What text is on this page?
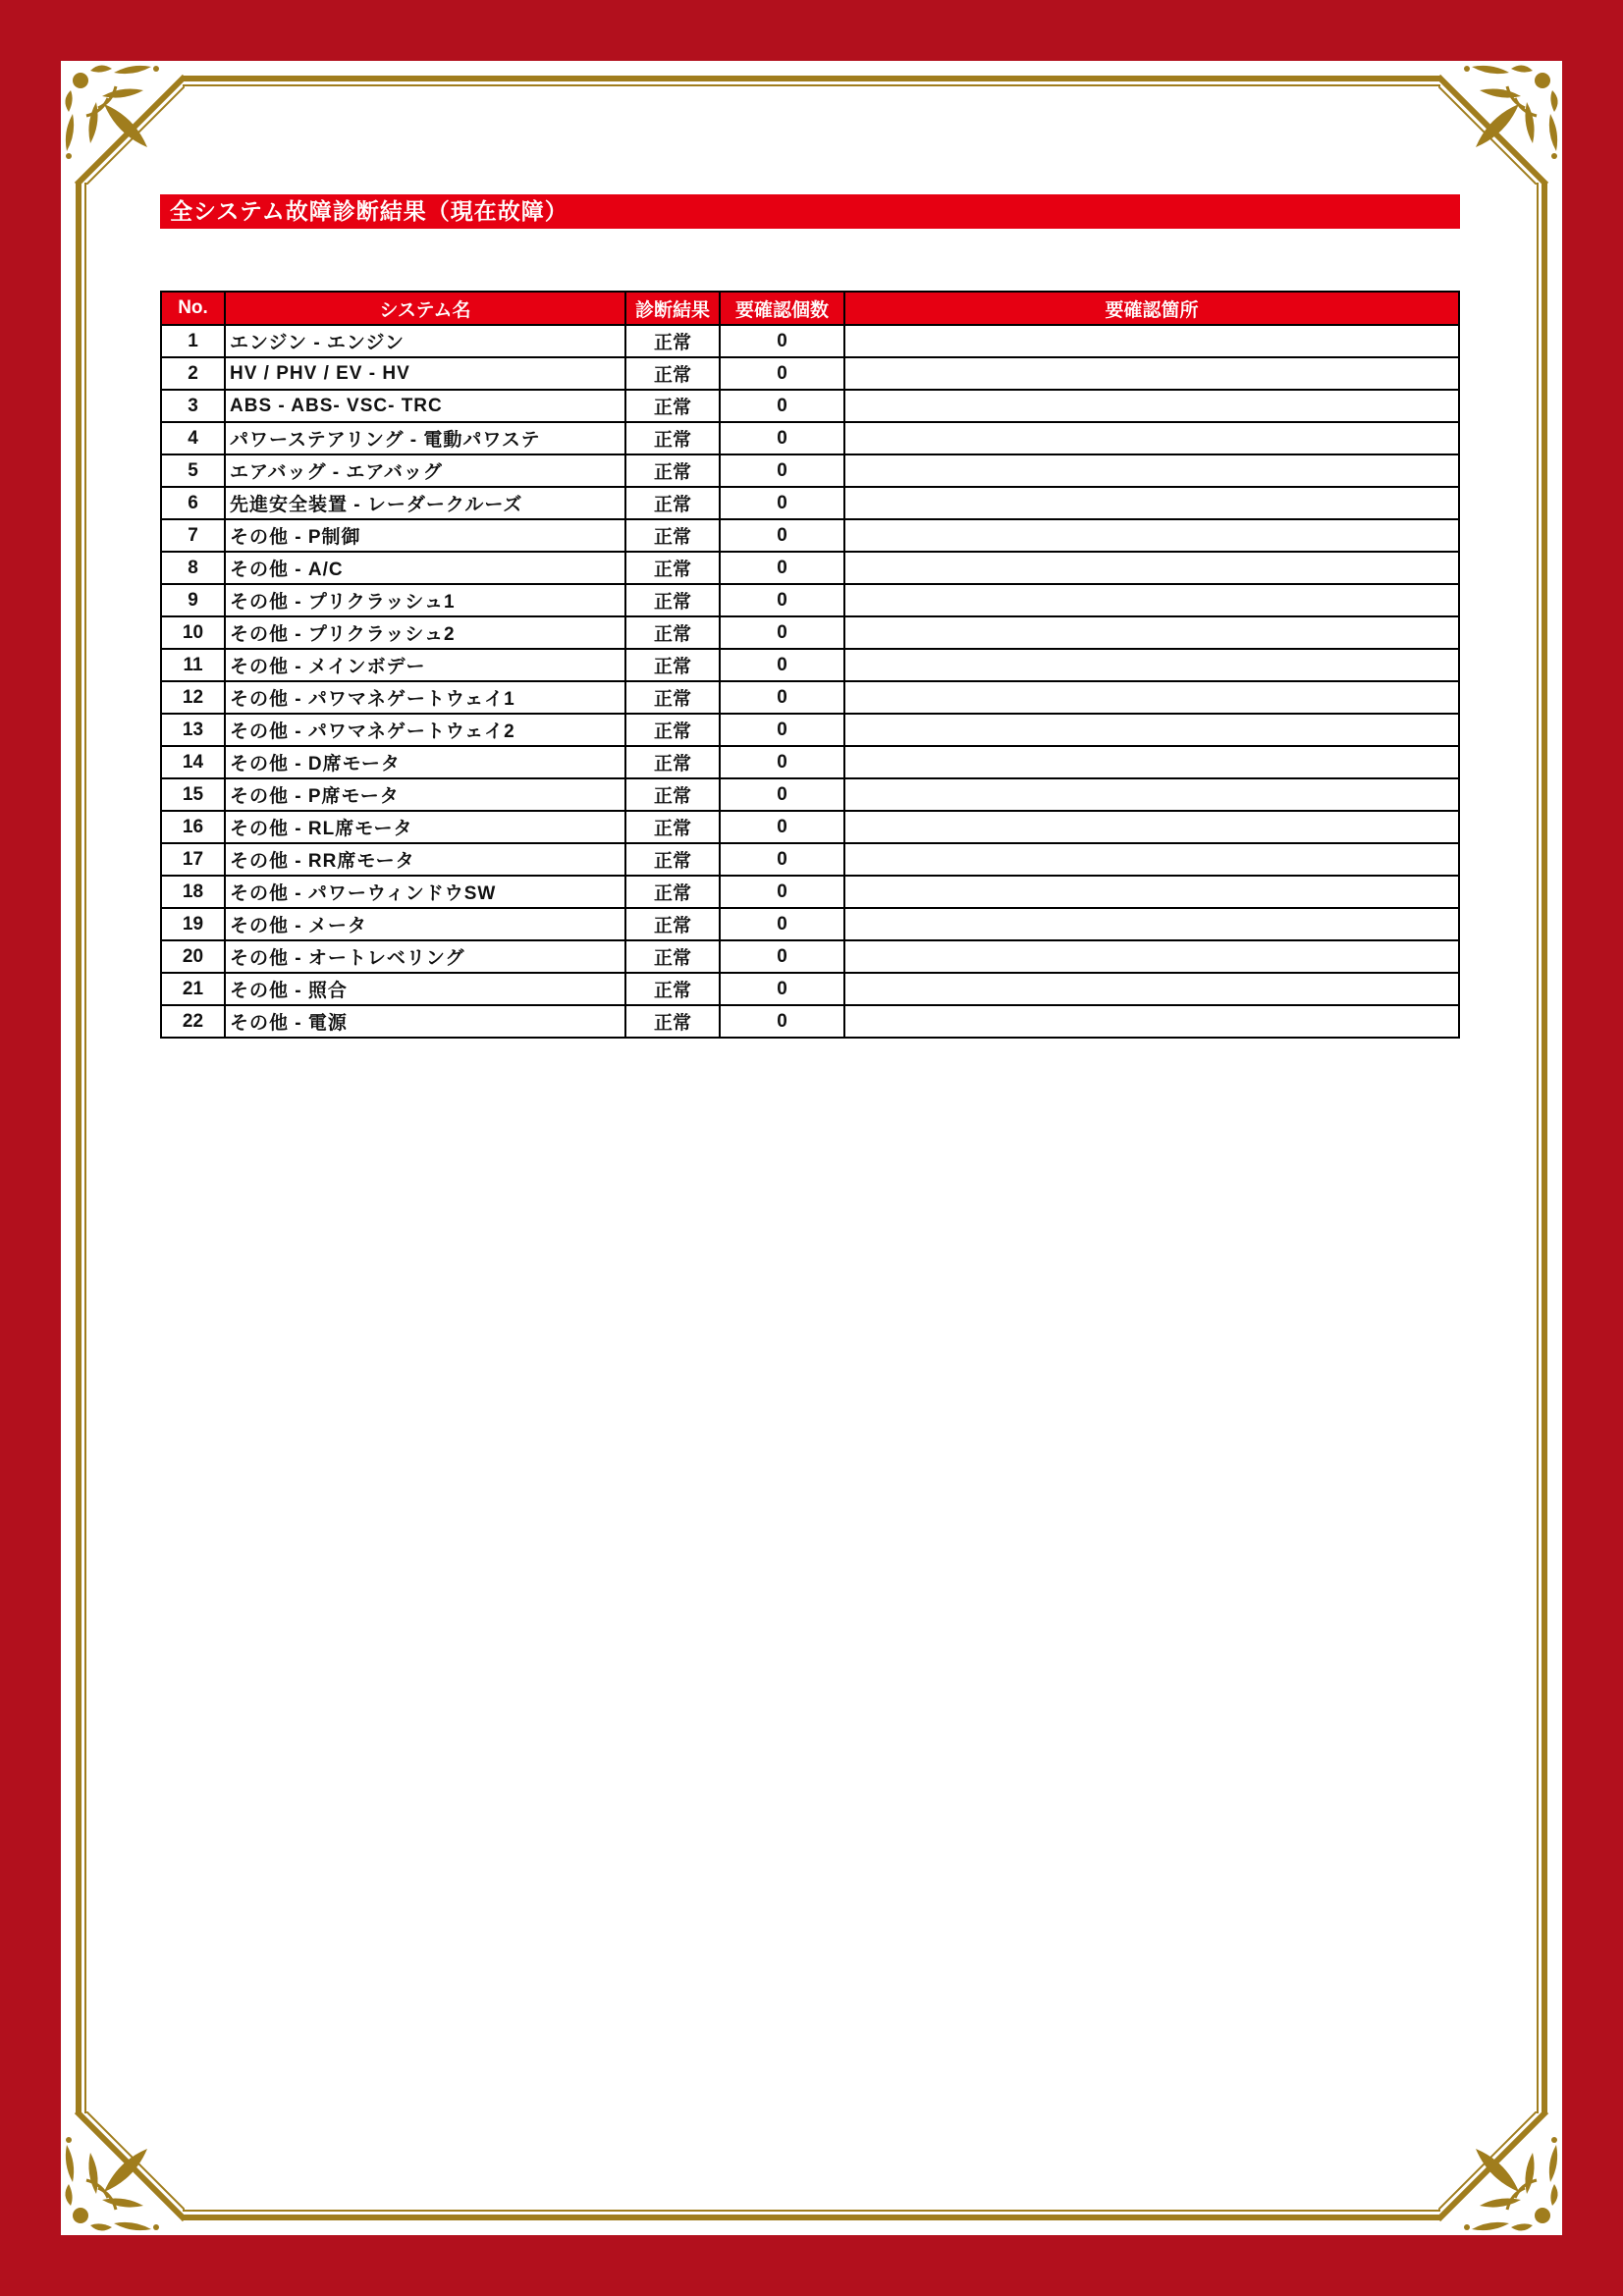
全システム故障診断結果（現在故障）
No.	システム名	診断結果	要確認個数	要確認箇所
1	エンジン - エンジン	正常	0	
2	HV / PHV / EV - HV	正常	0	
3	ABS - ABS- VSC- TRC	正常	0	
4	パワーステアリング - 電動パワステ	正常	0	
5	エアバッグ - エアバッグ	正常	0	
6	先進安全装置 - レーダークルーズ	正常	0	
7	その他 - P制御	正常	0	
8	その他 - A/C	正常	0	
9	その他 - プリクラッシュ1	正常	0	
10	その他 - プリクラッシュ2	正常	0	
11	その他 - メインボデー	正常	0	
12	その他 - パワマネゲートウェイ1	正常	0	
13	その他 - パワマネゲートウェイ2	正常	0	
14	その他 - D席モータ	正常	0	
15	その他 - P席モータ	正常	0	
16	その他 - RL席モータ	正常	0	
17	その他 - RR席モータ	正常	0	
18	その他 - パワーウィンドウSW	正常	0	
19	その他 - メータ	正常	0	
20	その他 - オートレベリング	正常	0	
21	その他 - 照合	正常	0	
22	その他 - 電源	正常	0	
